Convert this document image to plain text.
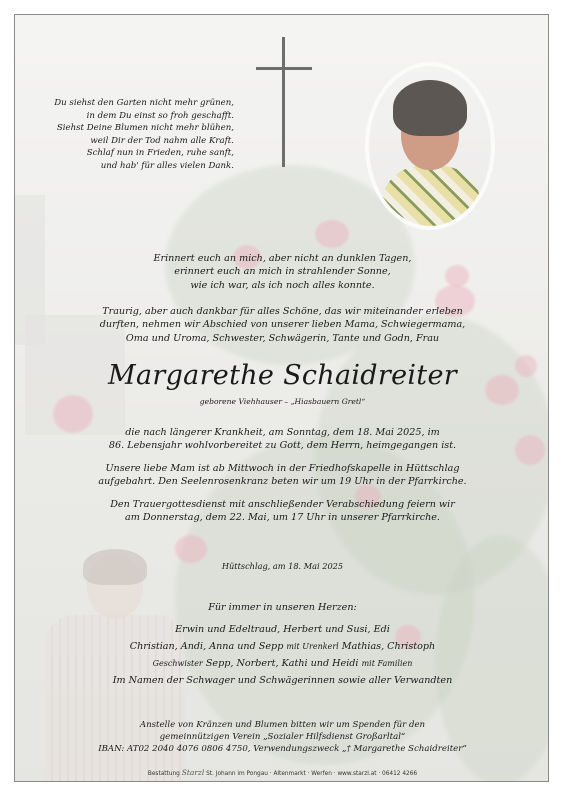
Du siehst den Garten nicht mehr grünen,
in dem Du einst so froh geschafft.
Siehst Deine Blumen nicht mehr blühen,
weil Dir der Tod nahm alle Kraft.
Schlaf nun in Frieden, ruhe sanft,
und hab' für alles vielen Dank.
Erinnert euch an mich, aber nicht an dunklen Tagen,
erinnert euch an mich in strahlender Sonne,
wie ich war, als ich noch alles konnte.
Traurig, aber auch dankbar für alles Schöne, das wir miteinander erleben
durften, nehmen wir Abschied von unserer lieben Mama, Schwiegermama,
Oma und Uroma, Schwester, Schwägerin, Tante und Godn, Frau
Margarethe Schaidreiter
geborene Viehhauser – „Hiasbauern Gretl“
die nach längerer Krankheit, am Sonntag, dem 18. Mai 2025, im
86. Lebensjahr wohlvorbereitet zu Gott, dem Herrn, heimgegangen ist.
Unsere liebe Mam ist ab Mittwoch in der Friedhofskapelle in Hüttschlag
aufgebahrt. Den Seelenrosenkranz beten wir um 19 Uhr in der Pfarrkirche.
Den Trauergottesdienst mit anschließender Verabschiedung feiern wir
am Donnerstag, dem 22. Mai, um 17 Uhr in unserer Pfarrkirche.
Hüttschlag, am 18. Mai 2025
Für immer in unseren Herzen:
Erwin und Edeltraud, Herbert und Susi, Edi
Christian, Andi, Anna und Sepp mit Urenkerl Mathias, Christoph
Geschwister Sepp, Norbert, Kathi und Heidi mit Familien
Im Namen der Schwager und Schwägerinnen sowie aller Verwandten
Anstelle von Kränzen und Blumen bitten wir um Spenden für den
gemeinnützigen Verein „Sozialer Hilfsdienst Großarltal“
IBAN: AT02 2040 4076 0806 4750, Verwendungszweck „† Margarethe Schaidreiter“
Bestattung Starzl St. Johann im Pongau · Altenmarkt · Werfen · www.starzl.at · 06412 4266
